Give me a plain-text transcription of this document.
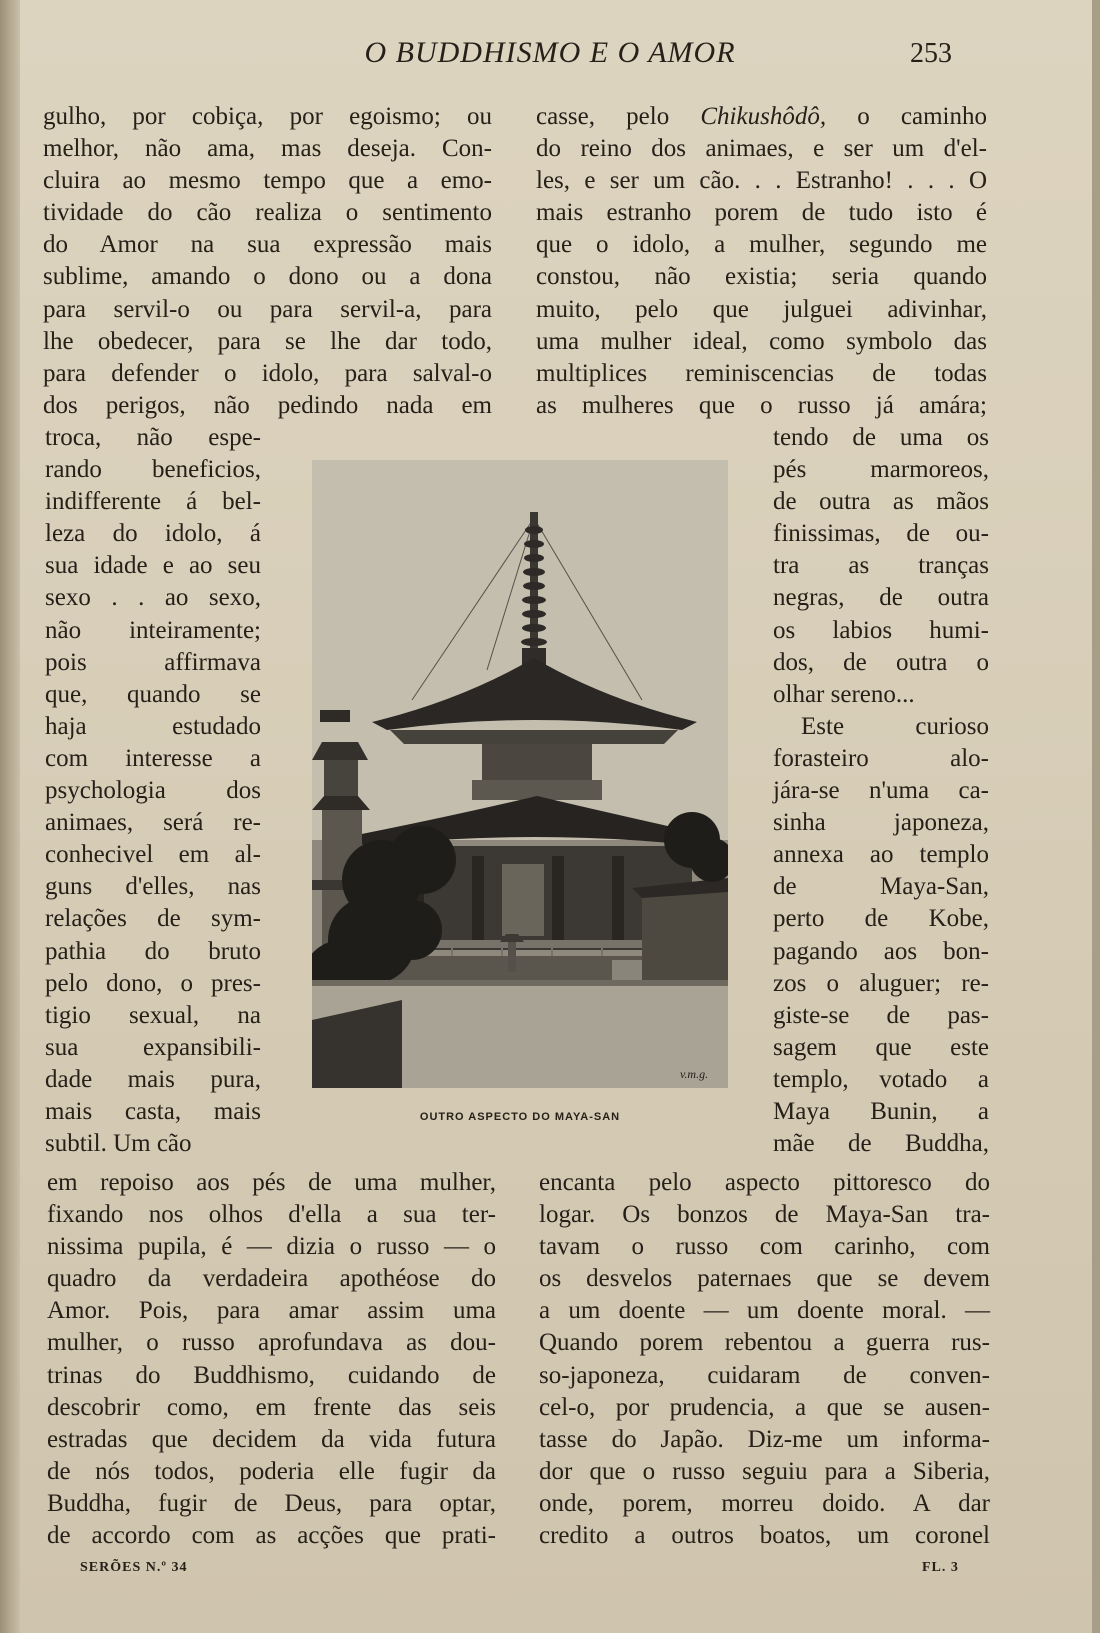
O BUDDHISMO E O AMOR	253
gulho, por cobiça, por egoismo; ou
melhor, não ama, mas deseja. Con-
cluira ao mesmo tempo que a emo-
tividade do cão realiza o sentimento
do Amor na sua expressão mais
sublime, amando o dono ou a dona
para servil-o ou para servil-a, para
lhe obedecer, para se lhe dar todo,
para defender o idolo, para salval-o
dos perigos, não pedindo nada em
troca, não espe-
rando beneficios,
indifferente á bel-
leza do idolo, á
sua idade e ao seu
sexo . . ao sexo,
não inteiramente;
pois affirmava
que, quando se
haja estudado
com interesse a
psychologia dos
animaes, será re-
conhecivel em al-
guns d'elles, nas
relações de sym-
pathia do bruto
pelo dono, o pres-
tigio sexual, na
sua expansibili-
dade mais pura,
mais casta, mais
subtil. Um cão
em repoiso aos pés de uma mulher,
fixando nos olhos d'ella a sua ter-
nissima pupila, é — dizia o russo — o
quadro da verdadeira apothéose do
Amor. Pois, para amar assim uma
mulher, o russo aprofundava as dou-
trinas do Buddhismo, cuidando de
descobrir como, em frente das seis
estradas que decidem da vida futura
de nós todos, poderia elle fugir da
Buddha, fugir de Deus, para optar,
de accordo com as acções que prati-
casse, pelo Chikushôdô, o caminho
do reino dos animaes, e ser um d'el-
les, e ser um cão. . . Estranho! . . . O
mais estranho porem de tudo isto é
que o idolo, a mulher, segundo me
constou, não existia; seria quando
muito, pelo que julguei adivinhar,
uma mulher ideal, como symbolo das
multiplices reminiscencias de todas
as mulheres que o russo já amára;
tendo de uma os
pés marmoreos,
de outra as mãos
finissimas, de ou-
tra as tranças
negras, de outra
os labios humi-
dos, de outra o
olhar sereno...
Este curioso
forasteiro alo-
jára-se n'uma ca-
sinha japoneza,
annexa ao templo
de Maya-San,
perto de Kobe,
pagando aos bon-
zos o aluguer; re-
giste-se de pas-
sagem que este
templo, votado a
Maya Bunin, a
mãe de Buddha,
encanta pelo aspecto pittoresco do
logar. Os bonzos de Maya-San tra-
tavam o russo com carinho, com
os desvelos paternaes que se devem
a um doente — um doente moral. —
Quando porem rebentou a guerra rus-
so-japoneza, cuidaram de conven-
cel-o, por prudencia, a que se ausen-
tasse do Japão. Diz-me um informa-
dor que o russo seguiu para a Siberia,
onde, porem, morreu doido. A dar
credito a outros boatos, um coronel
v.m.g.
OUTRO ASPECTO DO MAYA-SAN
SERÕES N.º 34	FL. 3
